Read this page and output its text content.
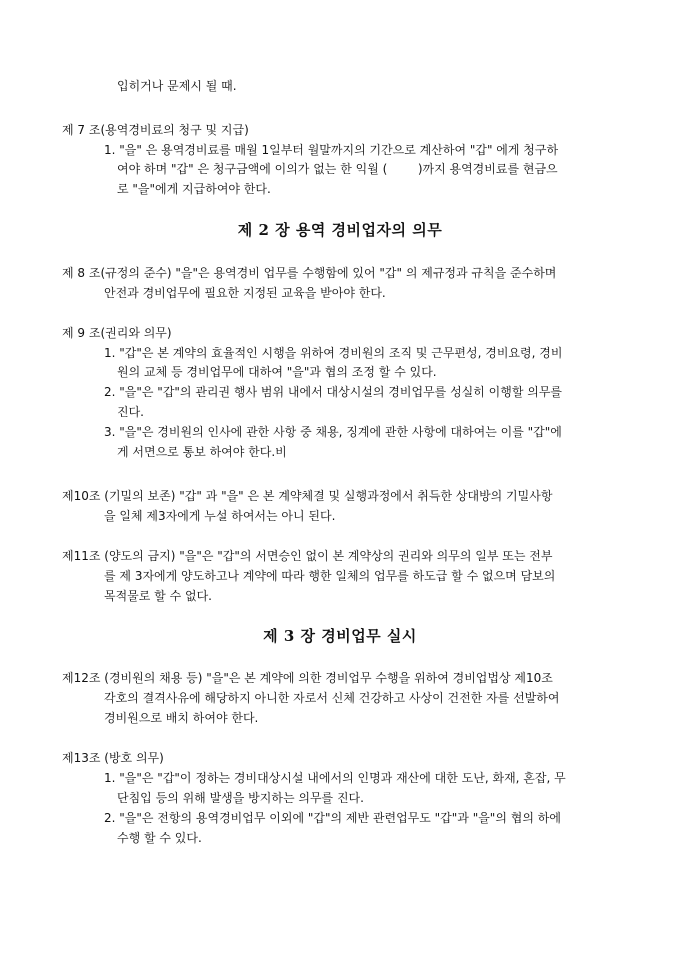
입히거나 문제시 될 때.
제 7 조(용역경비료의 청구 및 지급)
1. "을" 은 용역경비료를 매월 1일부터 월말까지의 기간으로 계산하여 "갑" 에게 청구하
여야 하며 "갑" 은 청구금액에 이의가 없는 한 익월 (        )까지 용역경비료를 현금으
로 "을"에게 지급하여야 한다.
제 2 장 용역 경비업자의 의무
제 8 조(규정의 준수) "을"은 용역경비 업무를 수행함에 있어 "갑" 의 제규정과 규칙을 준수하며
안전과 경비업무에 필요한 지정된 교육을 받아야 한다.
제 9 조(권리와 의무)
1. "갑"은 본 계약의 효율적인 시행을 위하여 경비원의 조직 및 근무편성, 경비요령, 경비
원의 교체 등 경비업무에 대하여 "을"과 협의 조정 할 수 있다.
2. "을"은 "갑"의 관리권 행사 범위 내에서 대상시설의 경비업무를 성실히 이행할 의무를
진다.
3. "을"은 경비원의 인사에 관한 사항 중 채용, 징계에 관한 사항에 대하여는 이를 "갑"에
게 서면으로 통보 하여야 한다.비
제10조 (기밀의 보존) "갑" 과 "을" 은 본 계약체결 및 실행과정에서 취득한 상대방의 기밀사항
을 일체 제3자에게 누설 하여서는 아니 된다.
제11조 (양도의 금지) "을"은 "갑"의 서면승인 없이 본 계약상의 권리와 의무의 일부 또는 전부
를 제 3자에게 양도하고나 계약에 따라 행한 일체의 업무를 하도급 할 수 없으며 담보의
목적물로 할 수 없다.
제 3 장 경비업무 실시
제12조 (경비원의 채용 등) "을"은 본 계약에 의한 경비업무 수행을 위하여 경비업법상 제10조
각호의 결격사유에 해당하지 아니한 자로서 신체 건강하고 사상이 건전한 자를 선발하여
경비원으로 배치 하여야 한다.
제13조 (방호 의무)
1. "을"은 "갑"이 정하는 경비대상시설 내에서의 인명과 재산에 대한 도난, 화재, 혼잡, 무
단침입 등의 위해 발생을 방지하는 의무를 진다.
2. "을"은 전항의 용역경비업무 이외에 "갑"의 제반 관련업무도 "갑"과 "을"의 협의 하에
수행 할 수 있다.
